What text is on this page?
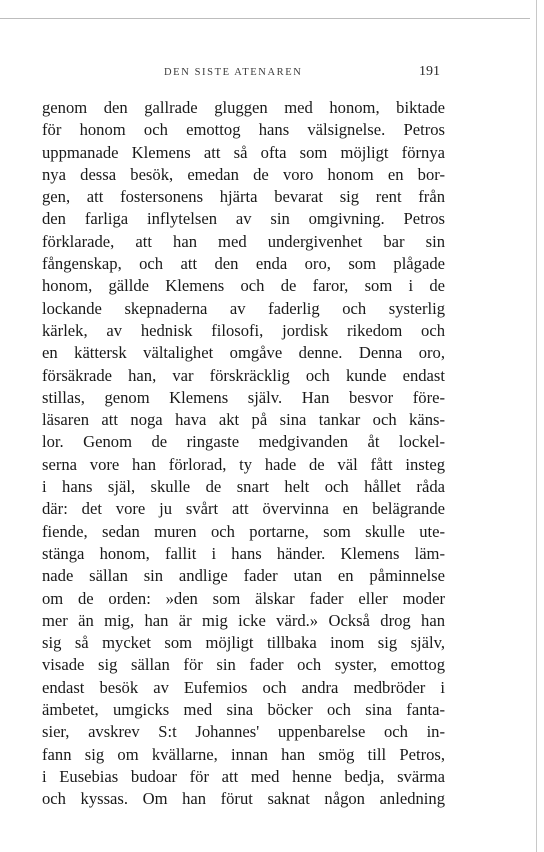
DEN SISTE ATENAREN	191
genom den gallrade gluggen med honom, biktade
för honom och emottog hans välsignelse. Petros
uppmanade Klemens att så ofta som möjligt förnya
nya dessa besök, emedan de voro honom en bor-
gen, att fostersonens hjärta bevarat sig rent från
den farliga inflytelsen av sin omgivning. Petros
förklarade, att han med undergivenhet bar sin
fångenskap, och att den enda oro, som plågade
honom, gällde Klemens och de faror, som i de
lockande skepnaderna av faderlig och systerlig
kärlek, av hednisk filosofi, jordisk rikedom och
en kättersk vältalighet omgåve denne. Denna oro,
försäkrade han, var förskräcklig och kunde endast
stillas, genom Klemens själv. Han besvor före-
läsaren att noga hava akt på sina tankar och käns-
lor. Genom de ringaste medgivanden åt lockel-
serna vore han förlorad, ty hade de väl fått insteg
i hans själ, skulle de snart helt och hållet råda
där: det vore ju svårt att övervinna en belägrande
fiende, sedan muren och portarne, som skulle ute-
stänga honom, fallit i hans händer. Klemens läm-
nade sällan sin andlige fader utan en påminnelse
om de orden: »den som älskar fader eller moder
mer än mig, han är mig icke värd.» Också drog han
sig så mycket som möjligt tillbaka inom sig själv,
visade sig sällan för sin fader och syster, emottog
endast besök av Eufemios och andra medbröder i
ämbetet, umgicks med sina böcker och sina fanta-
sier, avskrev S:t Johannes' uppenbarelse och in-
fann sig om kvällarne, innan han smög till Petros,
i Eusebias budoar för att med henne bedja, svärma
och kyssas. Om han förut saknat någon anledning
